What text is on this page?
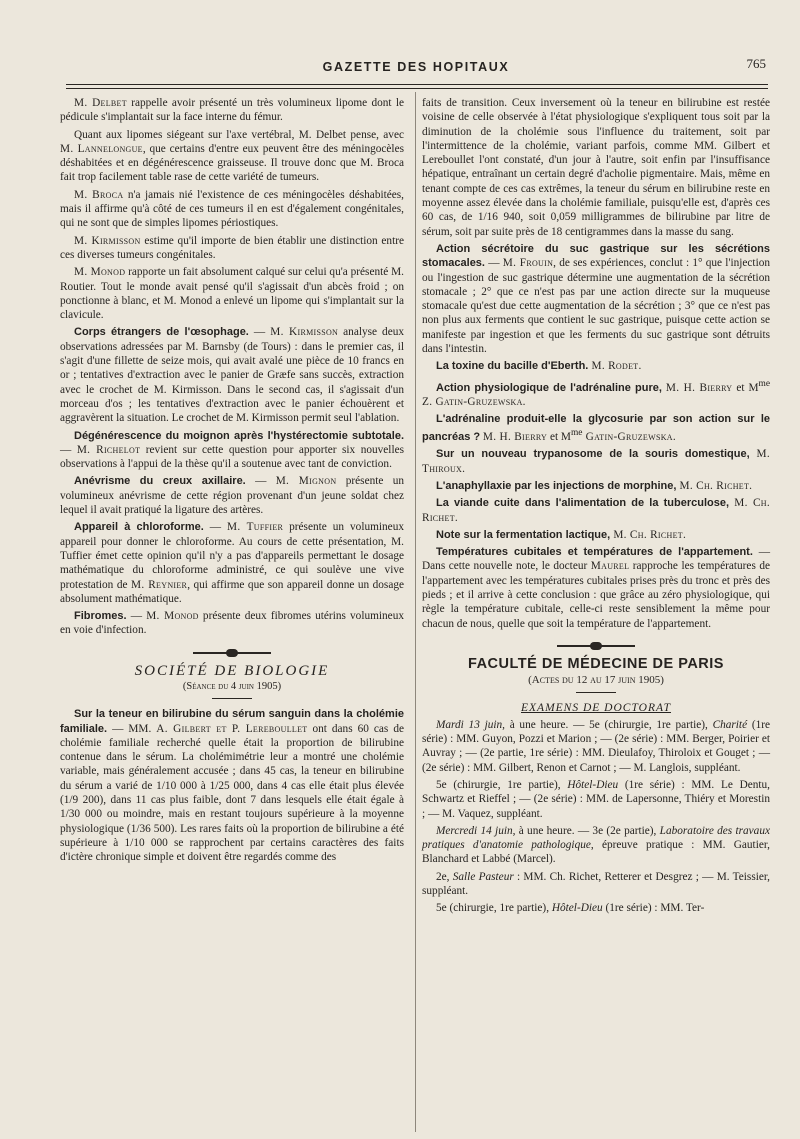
GAZETTE DES HOPITAUX	765

M. Delbet rappelle avoir présenté un très volumineux lipome dont le pédicule s'implantait sur la face interne du fémur.

Quant aux lipomes siégeant sur l'axe vertébral, M. Delbet pense, avec M. Lannelongue, que certains d'entre eux peuvent être des méningocèles déshabitées et en dégénérescence graisseuse. Il trouve donc que M. Broca fait trop facilement table rase de cette variété de tumeurs.

M. Broca n'a jamais nié l'existence de ces méningocèles déshabitées, mais il affirme qu'à côté de ces tumeurs il en est d'également congénitales, qui ne sont que de simples lipomes périostiques.

M. Kirmisson estime qu'il importe de bien établir une distinction entre ces diverses tumeurs congénitales.

M. Monod rapporte un fait absolument calqué sur celui qu'a présenté M. Routier. Tout le monde avait pensé qu'il s'agissait d'un abcès froid ; on ponctionne à blanc, et M. Monod a enlevé un lipome qui s'implantait sur la clavicule.

Corps étrangers de l'œsophage. — M. Kirmisson analyse deux observations adressées par M. Barnsby (de Tours) : dans le premier cas, il s'agit d'une fillette de seize mois, qui avait avalé une pièce de 10 francs en or ; tentatives d'extraction avec le panier de Græfe sans succès, extraction avec le crochet de M. Kirmisson. Dans le second cas, il s'agissait d'un morceau d'os ; les tentatives d'extraction avec le panier échouèrent et aggravèrent la situation. Le crochet de M. Kirmisson permit seul l'ablation.

Dégénérescence du moignon après l'hystérectomie subtotale. — M. Richelot revient sur cette question pour apporter six nouvelles observations à l'appui de la thèse qu'il a soutenue avec tant de conviction.

Anévrisme du creux axillaire. — M. Mignon présente un volumineux anévrisme de cette région provenant d'un jeune soldat chez lequel il avait pratiqué la ligature des artères.

Appareil à chloroforme. — M. Tuffier présente un volumineux appareil pour donner le chloroforme. Au cours de cette présentation, M. Tuffier émet cette opinion qu'il n'y a pas d'appareils permettant le dosage mathématique du chloroforme administré, ce qui soulève une vive protestation de M. Reynier, qui affirme que son appareil donne un dosage absolument mathématique.

Fibromes. — M. Monod présente deux fibromes utérins volumineux en voie d'infection.

SOCIÉTÉ DE BIOLOGIE
(Séance du 4 juin 1905)

Sur la teneur en bilirubine du sérum sanguin dans la cholémie familiale. — MM. A. Gilbert et P. Lereboullet ont dans 60 cas de cholémie familiale recherché quelle était la proportion de bilirubine contenue dans le sérum. La cholémimétrie leur a montré une cholémie variable, mais généralement accusée ; dans 45 cas, la teneur en bilirubine du sérum a varié de 1/10 000 à 1/25 000, dans 4 cas elle était plus élevée (1/9 200), dans 11 cas plus faible, dont 7 dans lesquels elle était égale à 1/30 000 ou moindre, mais en restant toujours supérieure à la moyenne physiologique (1/36 500). Les rares faits où la proportion de bilirubine a été supérieure à 1/10 000 se rapprochent par certains caractères des faits d'ictère chronique simple et doivent être regardés comme des

faits de transition. Ceux inversement où la teneur en bilirubine est restée voisine de celle observée à l'état physiologique s'expliquent tous soit par la diminution de la cholémie sous l'influence du traitement, soit par l'intermittence de la cholémie, variant parfois, comme MM. Gilbert et Lereboullet l'ont constaté, d'un jour à l'autre, soit enfin par l'insuffisance hépatique, entraînant un certain degré d'acholie pigmentaire. Mais, même en tenant compte de ces cas extrêmes, la teneur du sérum en bilirubine reste en moyenne assez élevée dans la cholémie familiale, puisqu'elle est, d'après ces 60 cas, de 1/16 940, soit 0,059 milligrammes de bilirubine par litre de sérum, soit par suite près de 18 centigrammes dans la masse du sang.

Action sécrétoire du suc gastrique sur les sécrétions stomacales. — M. Frouin, de ses expériences, conclut : 1° que l'injection ou l'ingestion de suc gastrique détermine une augmentation de la sécrétion stomacale ; 2° que ce n'est pas par une action directe sur la muqueuse stomacale qu'est due cette augmentation de la sécrétion ; 3° que ce n'est pas non plus aux ferments que contient le suc gastrique, puisque cette action se manifeste par ingestion et que les ferments du suc gastrique sont détruits dans l'intestin.

La toxine du bacille d'Eberth. M. Rodet.

Action physiologique de l'adrénaline pure, M. H. Bierry et $M^{me}$ Z. Gatin-Gruzewska.

L'adrénaline produit-elle la glycosurie par son action sur le pancréas ? M. H. Bierry et $M^{me}$ Gatin-Gruzewska.

Sur un nouveau trypanosome de la souris domestique, M. Thiroux.

L'anaphyllaxie par les injections de morphine, M. Ch. Richet.

La viande cuite dans l'alimentation de la tuberculose, M. Ch. Richet.

Note sur la fermentation lactique, M. Ch. Richet.

Températures cubitales et températures de l'appartement. — Dans cette nouvelle note, le docteur Maurel rapproche les températures de l'appartement avec les températures cubitales prises près du tronc et près des pieds ; et il arrive à cette conclusion : que grâce au zéro physiologique, qui règle la température cubitale, celle-ci reste sensiblement la même pour chacun de nous, quelle que soit la température de l'appartement.

FACULTÉ DE MÉDECINE DE PARIS
(Actes du 12 au 17 juin 1905)
EXAMENS DE DOCTORAT

Mardi 13 juin, à une heure. — 5e (chirurgie, 1re partie), Charité (1re série) : MM. Guyon, Pozzi et Marion ; — (2e série) : MM. Berger, Poirier et Auvray ; — (2e partie, 1re série) : MM. Dieulafoy, Thiroloix et Gouget ; — (2e série) : MM. Gilbert, Renon et Carnot ; — M. Langlois, suppléant.

5e (chirurgie, 1re partie), Hôtel-Dieu (1re série) : MM. Le Dentu, Schwartz et Rieffel ; — (2e série) : MM. de Lapersonne, Thiéry et Morestin ; — M. Vaquez, suppléant.

Mercredi 14 juin, à une heure. — 3e (2e partie), Laboratoire des travaux pratiques d'anatomie pathologique, épreuve pratique : MM. Gautier, Blanchard et Labbé (Marcel).

2e, Salle Pasteur : MM. Ch. Richet, Retterer et Desgrez ; — M. Teissier, suppléant.

5e (chirurgie, 1re partie), Hôtel-Dieu (1re série) : MM. Ter-
